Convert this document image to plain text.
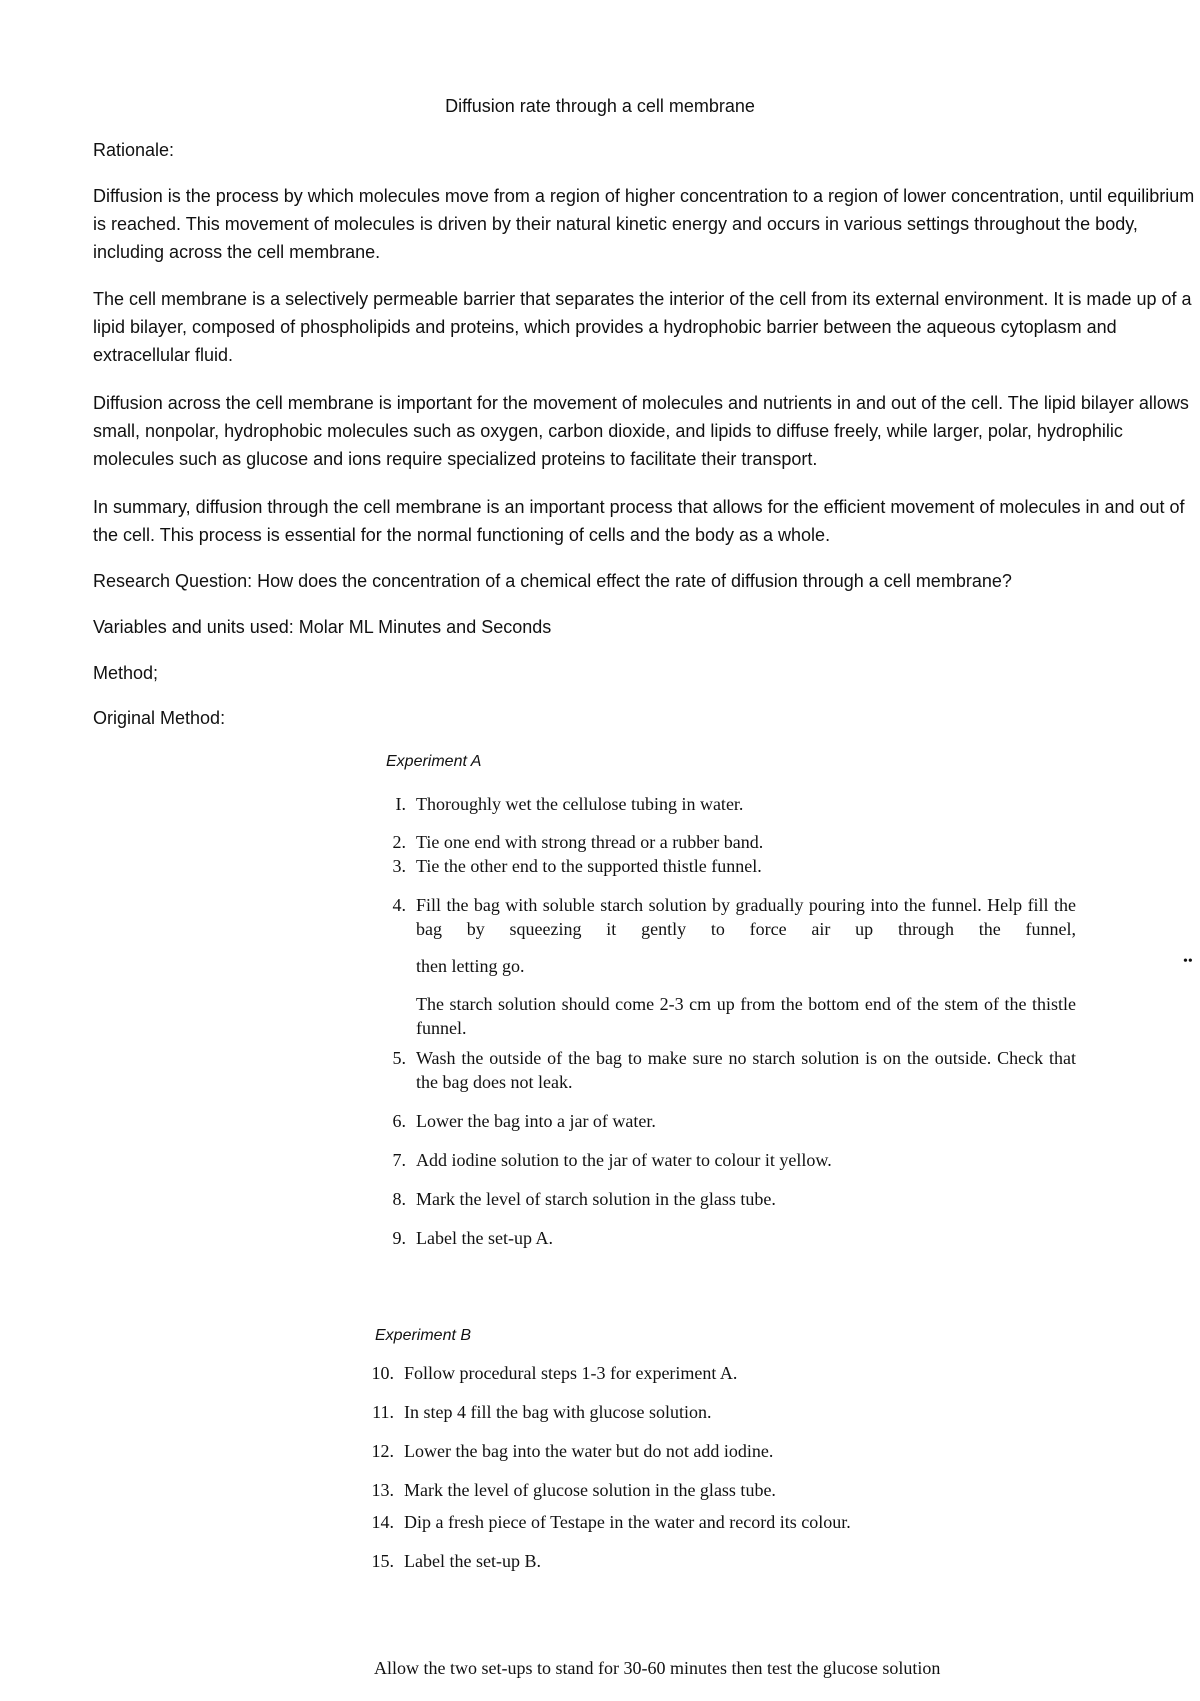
Diffusion rate through a cell membrane
Rationale:
Diffusion is the process by which molecules move from a region of higher concentration to a region of lower concentration, until equilibrium is reached. This movement of molecules is driven by their natural kinetic energy and occurs in various settings throughout the body, including across the cell membrane.
The cell membrane is a selectively permeable barrier that separates the interior of the cell from its external environment. It is made up of a lipid bilayer, composed of phospholipids and proteins, which provides a hydrophobic barrier between the aqueous cytoplasm and extracellular fluid.
Diffusion across the cell membrane is important for the movement of molecules and nutrients in and out of the cell. The lipid bilayer allows small, nonpolar, hydrophobic molecules such as oxygen, carbon dioxide, and lipids to diffuse freely, while larger, polar, hydrophilic molecules such as glucose and ions require specialized proteins to facilitate their transport.
In summary, diffusion through the cell membrane is an important process that allows for the efficient movement of molecules in and out of the cell. This process is essential for the normal functioning of cells and the body as a whole.
Research Question: How does the concentration of a chemical effect the rate of diffusion through a cell membrane?
Variables and units used: Molar ML Minutes and Seconds
Method;
Original Method:

Experiment A

I. Thoroughly wet the cellulose tubing in water.
2. Tie one end with strong thread or a rubber band.
3. Tie the other end to the supported thistle funnel.
4. Fill the bag with soluble starch solution by gradually pouring into the funnel. Help fill the bag by squeezing it gently to force air up through the funnel,
then letting go.
The starch solution should come 2-3 cm up from the bottom end of the stem of the thistle funnel.
••
5. Wash the outside of the bag to make sure no starch solution is on the outside. Check that the bag does not leak.
6. Lower the bag into a jar of water.
7. Add iodine solution to the jar of water to colour it yellow.
8. Mark the level of starch solution in the glass tube.
9. Label the set-up A.

Experiment B

10. Follow procedural steps 1-3 for experiment A.
11. In step 4 fill the bag with glucose solution.
12. Lower the bag into the water but do not add iodine.
13. Mark the level of glucose solution in the glass tube.
14. Dip a fresh piece of Testape in the water and record its colour.
15. Label the set-up B.

Allow the two set-ups to stand for 30-60 minutes then test the glucose solution
